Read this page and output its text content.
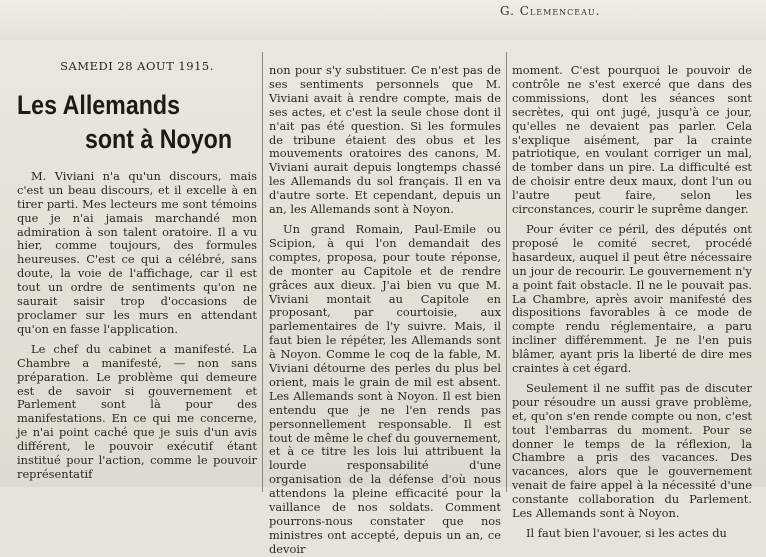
G. Clemenceau.
SAMEDI 28 AOUT 1915.
Les Allemands
sont à Noyon

M. Viviani n'a qu'un discours, mais c'est un beau discours, et il excelle à en tirer parti. Mes lecteurs me sont témoins que je n'ai jamais marchandé mon admiration à son talent oratoire. Il a vu hier, comme toujours, des formules heureuses. C'est ce qui a célébré, sans doute, la voie de l'affichage, car il est tout un ordre de sentiments qu'on ne saurait saisir trop d'occasions de proclamer sur les murs en attendant qu'on en fasse l'application.

Le chef du cabinet a manifesté. La Chambre a manifesté, — non sans préparation. Le problème qui demeure est de savoir si gouvernement et Parlement sont là pour des manifestations. En ce qui me concerne, je n'ai point caché que je suis d'un avis différent, le pouvoir exécutif étant institué pour l'action, comme le pouvoir représentatif

non pour s'y substituer. Ce n'est pas de ses sentiments personnels que M. Viviani avait à rendre compte, mais de ses actes, et c'est la seule chose dont il n'ait pas été question. Si les formules de tribune étaient des obus et les mouvements oratoires des canons, M. Viviani aurait depuis longtemps chassé les Allemands du sol français. Il en va d'autre sorte. Et cependant, depuis un an, les Allemands sont à Noyon.

Un grand Romain, Paul-Emile ou Scipion, à qui l'on demandait des comptes, proposa, pour toute réponse, de monter au Capitole et de rendre grâces aux dieux. J'ai bien vu que M. Viviani montait au Capitole en proposant, par courtoisie, aux parlementaires de l'y suivre. Mais, il faut bien le répéter, les Allemands sont à Noyon. Comme le coq de la fable, M. Viviani détourne des perles du plus bel orient, mais le grain de mil est absent. Les Allemands sont à Noyon. Il est bien entendu que je ne l'en rends pas personnellement responsable. Il est tout de même le chef du gouvernement, et à ce titre les lois lui attribuent la lourde responsabilité d'une organisation de la défense d'où nous attendons la pleine efficacité pour la vaillance de nos soldats. Comment pourrons-nous constater que nos ministres ont accepté, depuis un an, ce devoir

moment. C'est pourquoi le pouvoir de contrôle ne s'est exercé que dans des commissions, dont les séances sont secrètes, qui ont jugé, jusqu'à ce jour, qu'elles ne devaient pas parler. Cela s'explique aisément, par la crainte patriotique, en voulant corriger un mal, de tomber dans un pire. La difficulté est de choisir entre deux maux, dont l'un ou l'autre peut faire, selon les circonstances, courir le suprême danger.

Pour éviter ce péril, des députés ont proposé le comité secret, procédé hasardeux, auquel il peut être nécessaire un jour de recourir. Le gouvernement n'y a point fait obstacle. Il ne le pouvait pas. La Chambre, après avoir manifesté des dispositions favorables à ce mode de compte rendu réglementaire, a paru incliner différemment. Je ne l'en puis blâmer, ayant pris la liberté de dire mes craintes à cet égard.

Seulement il ne suffit pas de discuter pour résoudre un aussi grave problème, et, qu'on s'en rende compte ou non, c'est tout l'embarras du moment. Pour se donner le temps de la réflexion, la Chambre a pris des vacances. Des vacances, alors que le gouvernement venait de faire appel à la nécessité d'une constante collaboration du Parlement. Les Allemands sont à Noyon.

Il faut bien l'avouer, si les actes du
